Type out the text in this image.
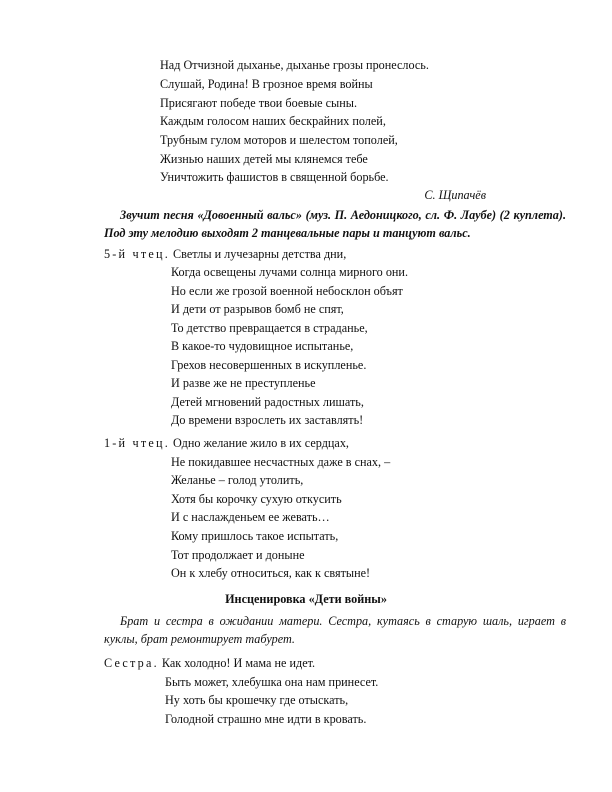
Над Отчизной дыханье, дыханье грозы пронеслось.
Слушай, Родина! В грозное время войны
Присягают победе твои боевые сыны.
Каждым голосом наших бескрайних полей,
Трубным гулом моторов и шелестом тополей,
Жизнью наших детей мы клянемся тебе
Уничтожить фашистов в священной борьбе.
С. Щипачёв
Звучит песня «Довоенный вальс» (муз. П. Аедоницкого, сл. Ф. Лаубе) (2 куплета). Под эту мелодию выходят 2 танцевальные пары и танцуют вальс.
5-й чтец. Светлы и лучезарны детства дни,
Когда освещены лучами солнца мирного они.
Но если же грозой военной небосклон объят
И дети от разрывов бомб не спят,
То детство превращается в страданье,
В какое-то чудовищное испытанье,
Грехов несовершенных в искупленье.
И разве же не преступленье
Детей мгновений радостных лишать,
До времени взрослеть их заставлять!
1-й чтец. Одно желание жило в их сердцах,
Не покидавшее несчастных даже в снах, –
Желанье – голод утолить,
Хотя бы корочку сухую откусить
И с наслажденьем ее жевать…
Кому пришлось такое испытать,
Тот продолжает и доныне
Он к хлебу относиться, как к святыне!
Инсценировка «Дети войны»
Брат и сестра в ожидании матери. Сестра, кутаясь в старую шаль, играет в куклы, брат ремонтирует табурет.
Сестра. Как холодно! И мама не идет.
Быть может, хлебушка она нам принесет.
Ну хоть бы крошечку где отыскать,
Голодной страшно мне идти в кровать.
